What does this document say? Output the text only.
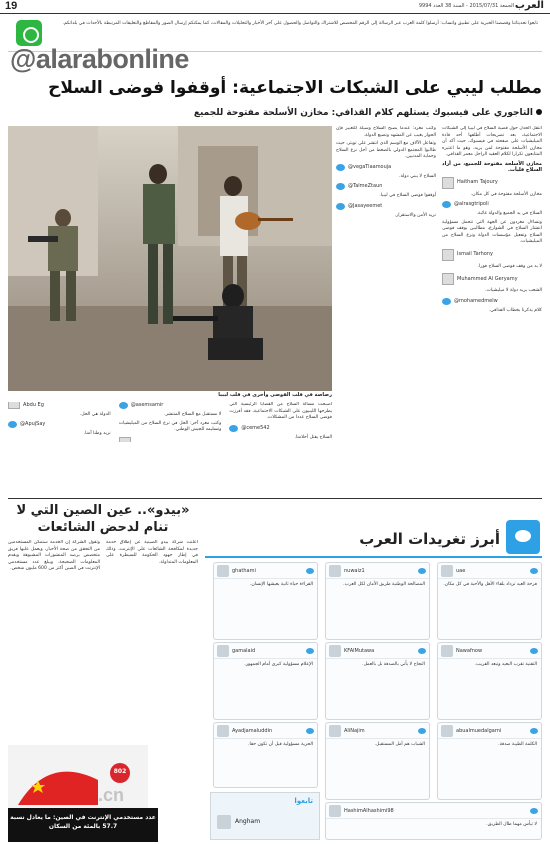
19	الجمعة 2015/07/31 - السنة 38 العدد 9994 العرب
تابعوا تحديثاتنا وقصصنا الخبرية على تطبيق واتساب: أرسلوا كلمة العرب عبر الرسالة إلى الرقم المخصص للاشتراك والتواصل والحصول على آخر الأخبار والتحليلات والمقالات، كما يمكنكم إرسال الصور والمقاطع والتعليقات المرتبطة بالأحداث في بلدانكم.
@alarabonline
مطلب ليبي على الشبكات الاجتماعية: أوقفوا فوضى السلاح
التاجوري على فيسبوك يستلهم كلام القذافي: مخازن الأسلحة مفتوحة للجميع
رصاصة في قلب الفوضى وأخرى في قلب ليبيا

انتقل الجدل حول قضية السلاح في ليبيا إلى الشبكات الاجتماعية، بعد تصريحات أطلقها أحد قادة الميليشيات على صفحته في فيسبوك، حيث أكد أن مخازن الأسلحة مفتوحة لمن يريد، وهو ما اعتبره المتابعون تكرارا لكلام العقيد الراحل معمر القذافي.

مخازن الأسلحة مفتوحة للجميع، من أراد السلاح فليأت.
Haitham Tajoury

مخازن الأسلحة مفتوحة في كل مكان.

@alrasgtripoli

السلاح في يد الجميع والدولة غائبة.

وتساءل مغردون عن الجهة التي تتحمل مسؤولية انتشار السلاح في الشوارع، مطالبين بوقف فوضى السلاح وتفعيل مؤسسات الدولة ونزع السلاح من الميليشيات.

Ismail Tarhony

لا بد من وقف فوضى السلاح فورا.

Muhammed Al Geryamy

الشعب يريد دولة لا ميليشيات.

@mohamedmelw

كلام يذكرنا بخطاب القذافي.

وكتب مغرد: عندما يصبح السلاح وسيلة للتعبير فإن الحوار يغيب عن المشهد وتضيع الدولة.

وتفاعل الآلاف مع الوسم الذي انتشر على تويتر، حيث طالبوا المجتمع الدولي بالضغط من أجل نزع السلاح وحماية المدنيين.

@vegaTiaamouja

السلاح لا يبني دولة.

@TalmeZtaun

أوقفوا فوضى السلاح في ليبيا.

@Jasayeemet

نريد الأمن والاستقرار.

أصبحت مسألة السلاح من القضايا الرئيسية التي يطرحها الليبيون على الشبكات الاجتماعية، فقد أفرزت فوضى السلاح عددا من المشكلات.

@ceme542

السلاح يقتل أحلامنا.

@asemsamir

لا مستقبل مع السلاح المنتشر.

وكتب مغرد آخر: الحل في نزع السلاح من الميليشيات وتسليمه للجيش الوطني.

Abdu Eg

الدولة هي الحل.

@ApujSay

نريد وطنا آمنا.

«بيدو».. عين الصين التي لا تنام لدحض الشائعات

أعلنت شركة بيدو الصينية عن إطلاق خدمة جديدة لمكافحة الشائعات على الإنترنت، وذلك في إطار جهود الحكومة للسيطرة على المعلومات المتداولة.

وتقول الشركة إن الخدمة ستمكن المستخدمين من التحقق من صحة الأخبار، ويعمل عليها فريق متخصص يرصد المنشورات المشبوهة ويقدم المعلومات الصحيحة. ويبلغ عدد مستخدمي الإنترنت في الصين أكثر من 600 مليون شخص.

802
.cn
عدد مستخدمي الإنترنت في الصين: ما يعادل نسبة 57.7 بالمئة من السكان
أبرز تغريدات العرب
uae
فرحة العيد تزداد بلقاء الأهل والأحبة في كل مكان.
nuwaiz1
المصالحة الوطنية طريق الأمان لكل العرب.
ghathami
القراءة حياة ثانية يعيشها الإنسان.
Nawafnow
التقنية تقرب البعيد وتبعد القريب.
KFAlMutawa
النجاح لا يأتي بالصدفة بل بالعمل.
gamalaid
الإعلام مسؤولية كبرى أمام الجمهور.
abualmuedalgarni
الكلمة الطيبة صدقة.
AliNajim
الشباب هم أمل المستقبل.
Ayadjamaluddin
الحرية مسؤولية قبل أن تكون حقا.
HashimAlhashimi98
لا تيأس مهما طال الطريق.
تابعوا
Angham
